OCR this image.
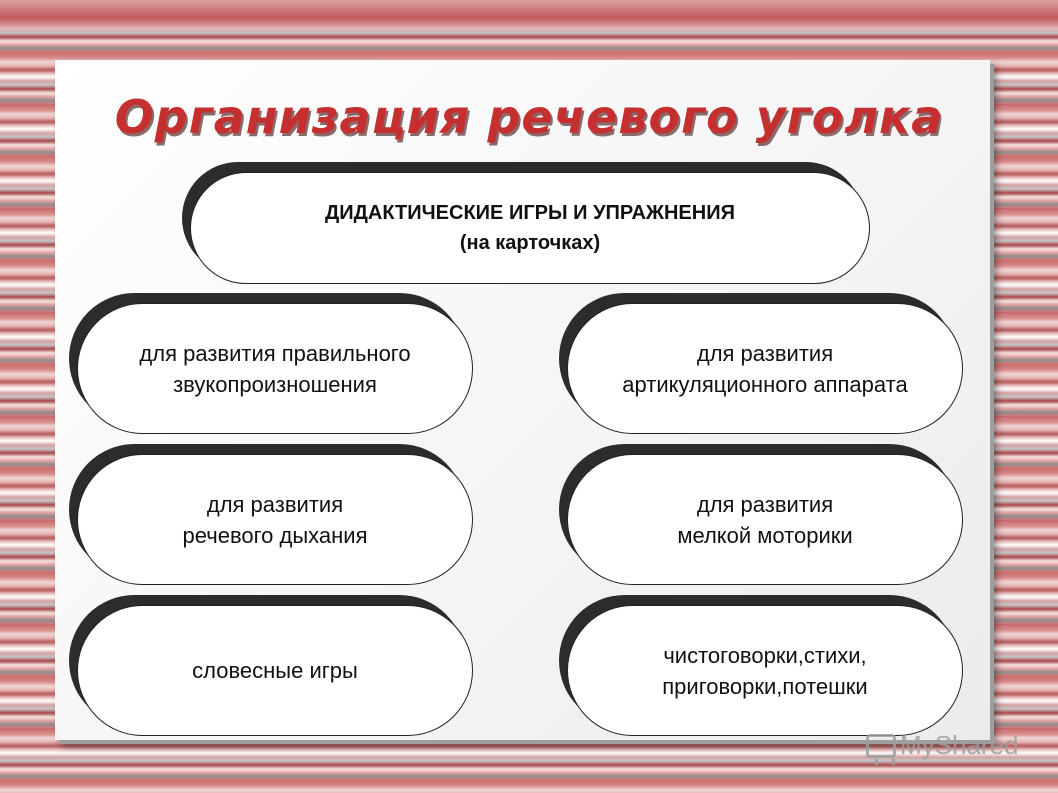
Организация речевого уголка
ДИДАКТИЧЕСКИЕ ИГРЫ И УПРАЖНЕНИЯ
(на карточках)
для развития правильного
звукопроизношения
для развития
артикуляционного аппарата
для развития
речевого дыхания
для развития
мелкой моторики
словесные игры
чистоговорки,стихи,
приговорки,потешки
MyShared
